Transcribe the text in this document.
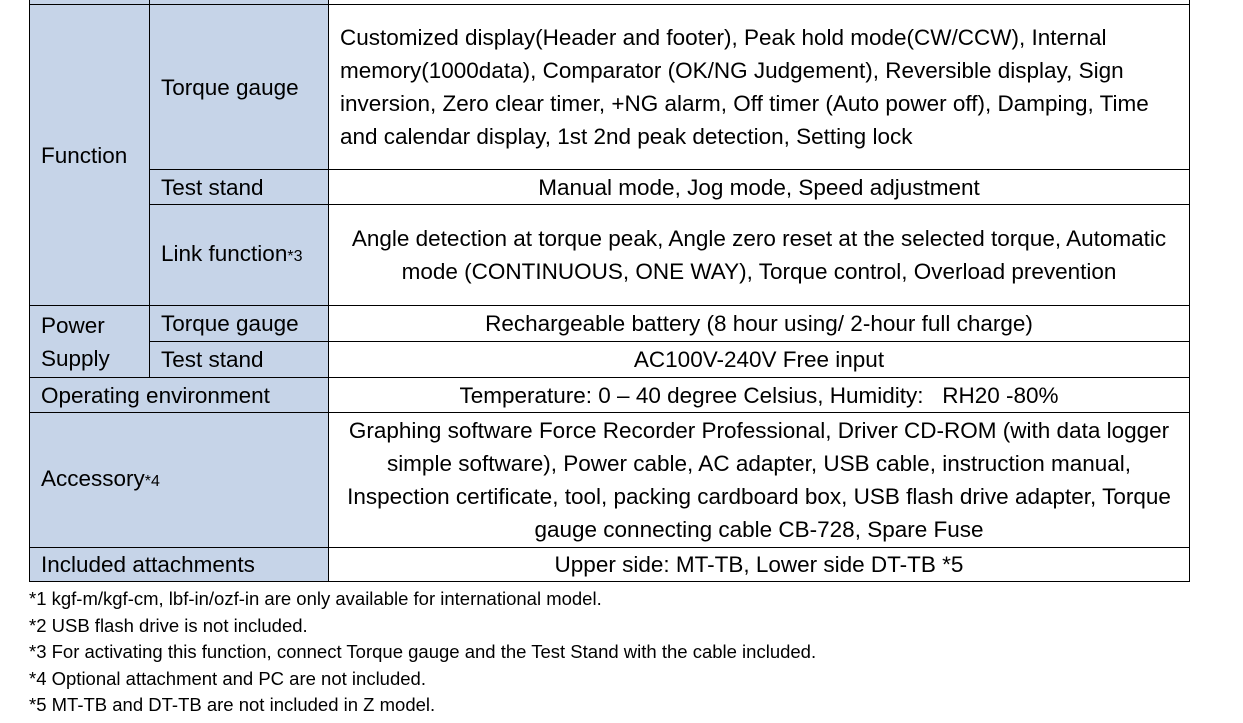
Function	Torque gauge	Customized display(Header and footer), Peak hold mode(CW/CCW), Internal memory(1000data), Comparator (OK/NG Judgement), Reversible display, Sign inversion, Zero clear timer, +NG alarm, Off timer (Auto power off), Damping, Time and calendar display, 1st 2nd peak detection, Setting lock
	Test stand	Manual mode, Jog mode, Speed adjustment
	Link function*3	Angle detection at torque peak, Angle zero reset at the selected torque, Automatic mode (CONTINUOUS, ONE WAY), Torque control, Overload prevention
Power Supply	Torque gauge	Rechargeable battery (8 hour using/ 2-hour full charge)
	Test stand	AC100V-240V Free input
Operating environment		Temperature: 0 – 40 degree Celsius, Humidity:   RH20 -80%
Accessory*4		Graphing software Force Recorder Professional, Driver CD-ROM (with data logger simple software), Power cable, AC adapter, USB cable, instruction manual, Inspection certificate, tool, packing cardboard box, USB flash drive adapter, Torque gauge connecting cable CB-728, Spare Fuse
Included attachments		Upper side: MT-TB, Lower side DT-TB *5
*1 kgf-m/kgf-cm, lbf-in/ozf-in are only available for international model.
*2 USB flash drive is not included.
*3 For activating this function, connect Torque gauge and the Test Stand with the cable included.
*4 Optional attachment and PC are not included.
*5 MT-TB and DT-TB are not included in Z model.
